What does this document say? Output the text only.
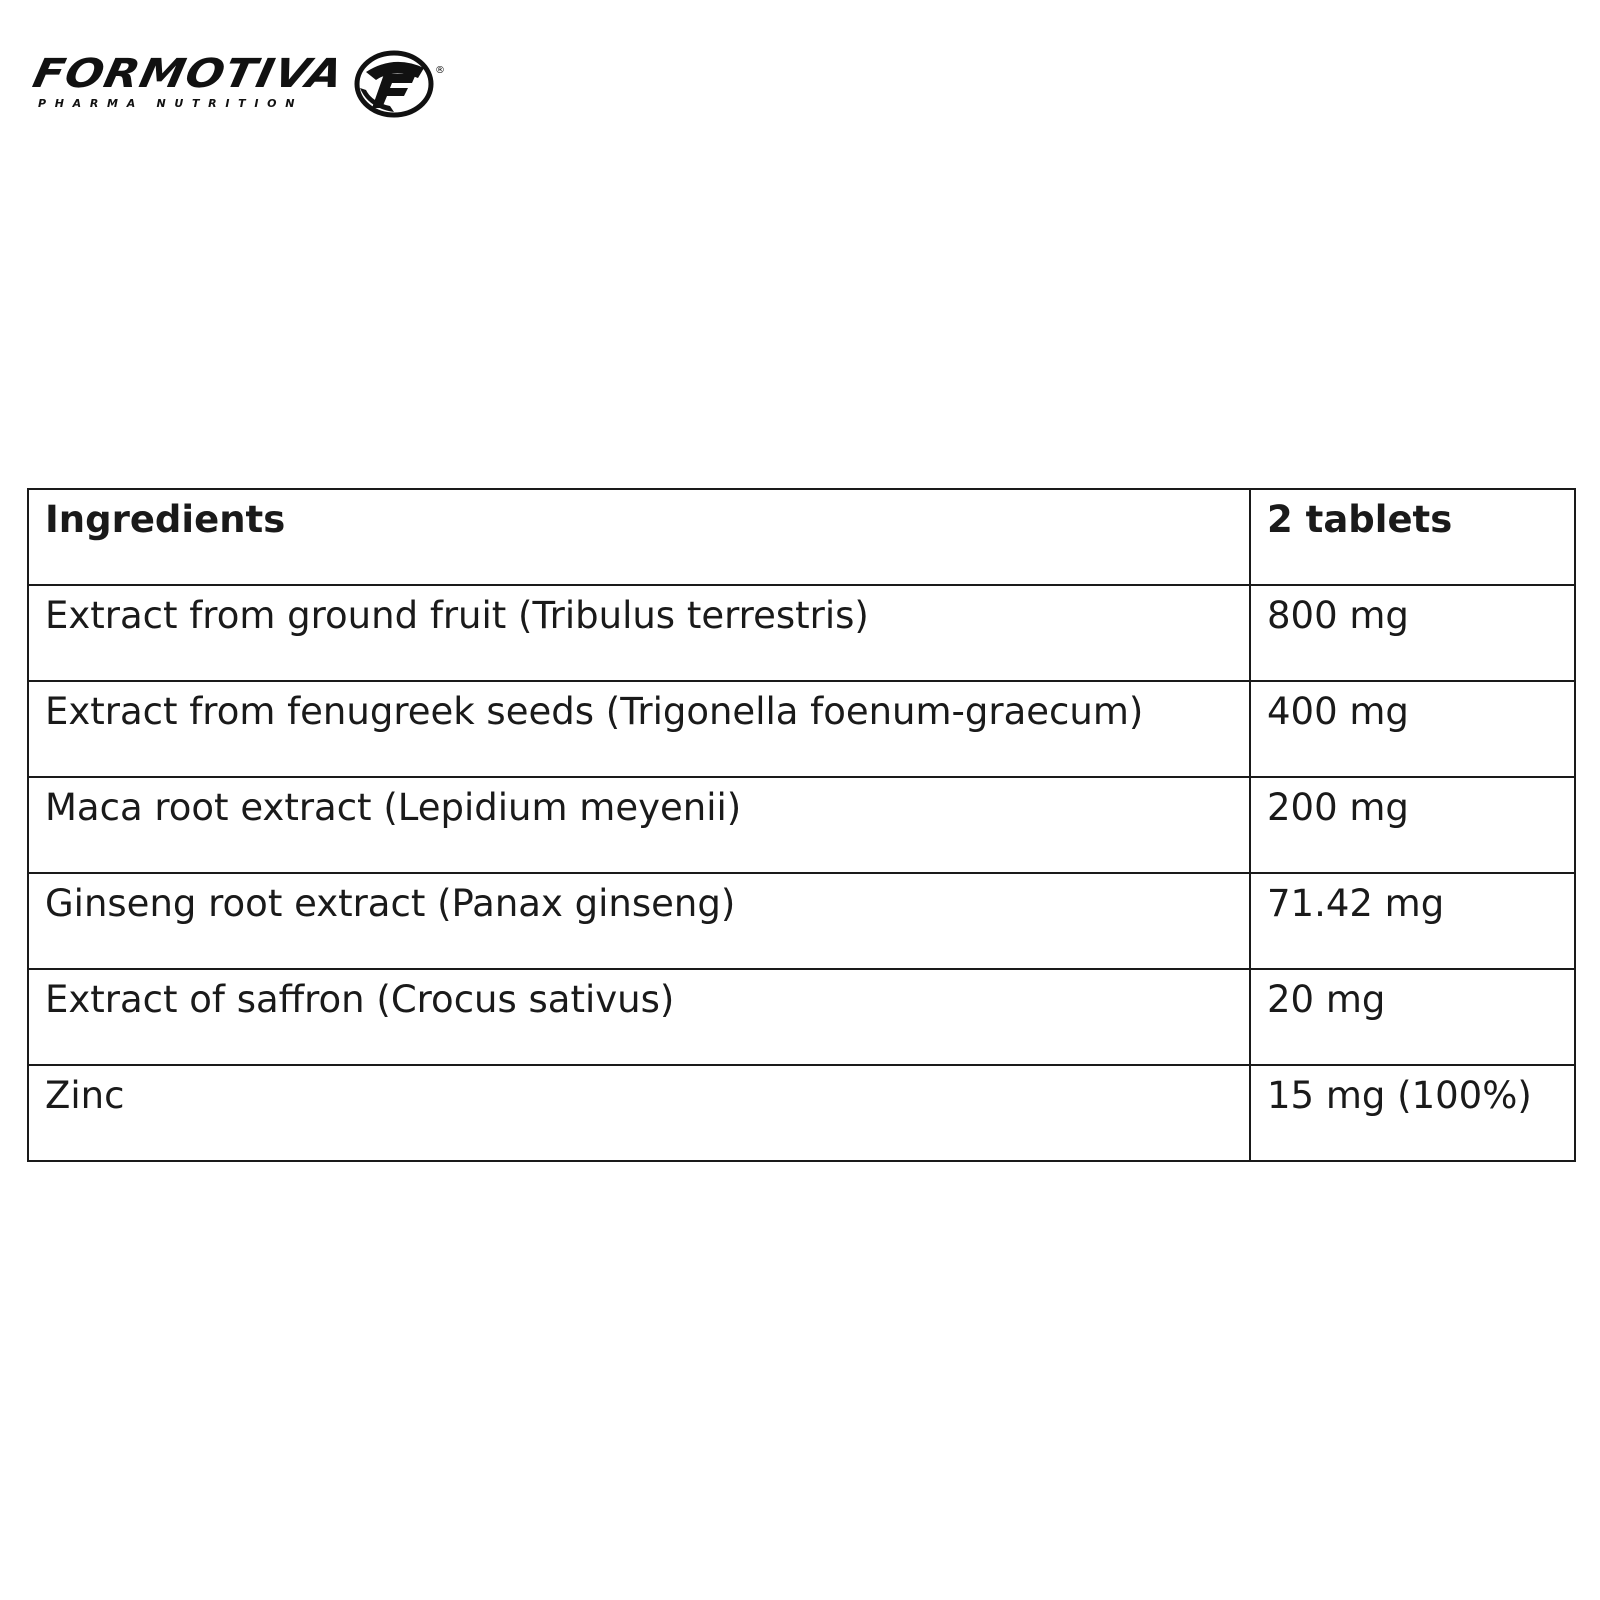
FORMOTIVA
PHARMA NUTRITION
®
Ingredients	2 tablets
Extract from ground fruit (Tribulus terrestris)	800 mg
Extract from fenugreek seeds (Trigonella foenum-graecum)	400 mg
Maca root extract (Lepidium meyenii)	200 mg
Ginseng root extract (Panax ginseng)	71.42 mg
Extract of saffron (Crocus sativus)	20 mg
Zinc	15 mg (100%)
